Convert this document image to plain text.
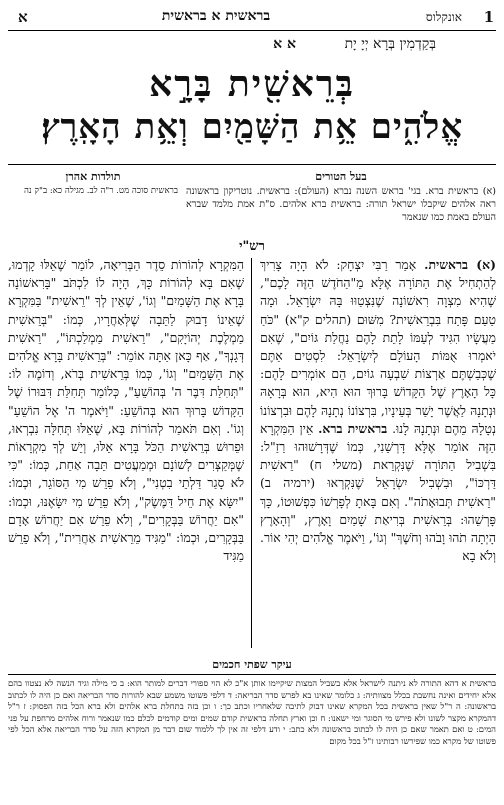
1
אונקלוס
בראשית א בראשית
א
בְּקַדְמִין בְּרָא יְיָ יָת
א א
בְּרֵאשִׁ֖ית בָּרָ֣א
אֱלֹהִ֑ים אֵ֥ת הַשָּׁמַ֖יִם וְאֵ֥ת הָאָֽרֶץ׃
בעל הטורים
(א) בראשית ברא. בגי' בראש השנה נברא (העולם): בראשית. נוטריקון בראשונה ראה אלהים שיקבלו ישראל תורה: בראשית ברא אלהים. ס"ת אמת מלמד שברא העולם באמת כמו שנאמר
תולדות אהרן
בראשית סוכה מט. ר"ה לב. מגילה כא: ב"ק נה
רש"י
(א) בראשית. אָמַר רַבִּי יִצְחָק: לֹא הָיָה צָרִיךְ לְהַתְחִיל אֶת הַתּוֹרָה אֶלָּא מֵ"הַחֹדֶשׁ הַזֶּה לָכֶם", שֶׁהִיא מִצְוָה רִאשׁוֹנָה שֶׁנִּצְטַוּוּ בָּהּ יִשְׂרָאֵל. וּמָה טַעַם פָּתַח בִּבְרֵאשִׁית? מִשּׁוּם (תהלים ק"א) "כֹּחַ מַעֲשָׂיו הִגִּיד לְעַמּוֹ לָתֵת לָהֶם נַחֲלַת גּוֹיִם", שֶׁאִם יֹאמְרוּ אֻמּוֹת הָעוֹלָם לְיִשְׂרָאֵל: לִסְטִים אַתֶּם שֶׁכְּבַשְׁתֶּם אַרְצוֹת שִׁבְעָה גוֹיִם, הֵם אוֹמְרִים לָהֶם: כָּל הָאָרֶץ שֶׁל הַקָּדוֹשׁ בָּרוּךְ הוּא הִיא, הוּא בְּרָאָהּ וּנְתָנָהּ לַאֲשֶׁר יָשַׁר בְּעֵינָיו, בִּרְצוֹנוֹ נְתָנָהּ לָהֶם וּבִרְצוֹנוֹ נְטָלָהּ מֵהֶם וּנְתָנָהּ לָנוּ. בראשית ברא. אֵין הַמִּקְרָא הַזֶּה אוֹמֵר אֶלָּא דָּרְשֵׁנִי, כְּמוֹ שֶׁדְּרָשׁוּהוּ רַזַ"ל: בִּשְׁבִיל הַתּוֹרָה שֶׁנִּקְרֵאת (משלי ח) "רֵאשִׁית דַּרְכּוֹ", וּבִשְׁבִיל יִשְׂרָאֵל שֶׁנִּקְרְאוּ (ירמיה ב) "רֵאשִׁית תְּבוּאָתֹה". וְאִם בָּאתָ לְפָרְשׁוֹ כִּפְשׁוּטוֹ, כָּךְ פָּרְשֵׁהוּ: בְּרֵאשִׁית בְּרִיאַת שָׁמַיִם וָאָרֶץ, "וְהָאָרֶץ הָיְתָה תֹהוּ וָבֹהוּ וְחֹשֶׁךְ" וְגוֹ', וַיֹּאמֶר אֱלֹהִים יְהִי אוֹר. וְלֹא בָא
הַמִּקְרָא לְהוֹרוֹת סֵדֶר הַבְּרִיאָה, לוֹמַר שֶׁאֵלּוּ קָדְמוּ, שֶׁאִם בָּא לְהוֹרוֹת כָּךְ, הָיָה לוֹ לִכְתֹּב "בָּרִאשׁוֹנָה בָּרָא אֶת הַשָּׁמַיִם" וְגוֹ', שֶׁאֵין לְךָ "רֵאשִׁית" בַּמִּקְרָא שֶׁאֵינוֹ דָבוּק לַתֵּבָה שֶׁלְּאַחֲרָיו, כְּמוֹ: "בְּרֵאשִׁית מַמְלֶכֶת יְהוֹיָקִם", "רֵאשִׁית מַמְלַכְתּוֹ", "רֵאשִׁית דְּגָנְךָ", אַף כָּאן אַתָּה אוֹמֵר: "בְּרֵאשִׁית בָּרָא אֱלֹהִים אֶת הַשָּׁמַיִם" וְגוֹ', כְּמוֹ בְּרֵאשִׁית בְּרֹא, וְדוֹמֶה לוֹ: "תְּחִלַּת דִּבֶּר ה' בְּהוֹשֵׁעַ", כְּלוֹמַר תְּחִלַּת דִּבּוּרוֹ שֶׁל הַקָּדוֹשׁ בָּרוּךְ הוּא בְּהוֹשֵׁעַ: "וַיֹּאמֶר ה' אֶל הוֹשֵׁעַ" וְגוֹ'. וְאִם תֹּאמַר לְהוֹרוֹת בָּא, שֶׁאֵלּוּ תְּחִלָּה נִבְרְאוּ, וּפֵרוּשׁ בְּרֵאשִׁית הַכֹּל בָּרָא אֵלּוּ, וְיֵשׁ לְךָ מִקְרָאוֹת שֶׁמְּקַצְּרִים לְשׁוֹנָם וּמְמַעֲטִים תֵּבָה אַחַת, כְּמוֹ: "כִּי לֹא סָגַר דַּלְתֵי בִטְנִי", וְלֹא פֵרֵשׁ מִי הַסּוֹגֵר, וּכְמוֹ: "יִשָּׂא אֶת חֵיל דַּמֶּשֶׂק", וְלֹא פֵרֵשׁ מִי יִשָּׂאֶנּוּ, וּכְמוֹ: "אִם יַחֲרוֹשׁ בַּבְּקָרִים", וְלֹא פֵרֵשׁ אִם יַחֲרוֹשׁ אָדָם בַּבְּקָרִים, וּכְמוֹ: "מַגִּיד מֵרֵאשִׁית אַחֲרִית", וְלֹא פֵרֵשׁ מַגִּיד
עיקר שפתי חכמים
בראשית א דהא התורה לא ניתנה לישראל אלא בשביל המצות שיקיימו אותן א"כ לא הוי ספורי דברים למותר הוא: ב כי מילה וגיד הנשה לא נצטוו בהם אלא יחידים ואינה נחשבת בכלל מצוותיה: ג כלומר שאינו בא לפרש סדר הבריאה: ד דלפי פשוטו משמע שבא להורות סדר הבריאה ואם כן היה לו לכתוב בראשונה: ה ר"ל שאין בראשית בכל המקרא שאינו דבוק לתיבה שלאחריו וכתב כך: ו וכן בזה בתחלת ברא אלהים ולא ברא הכל בזה הפסוק: ז ר"ל דהמקרא מקצר לשונו ולא פירש מי הסוגר ומי ישאנו: ח וכן וארץ תחלה בראשית קודם שמים ומים קודמים לכלם כמו שנאמר ורוח אלהים מרחפת על פני המים: ט ואם תאמר שאם כן היה לו לכתוב בראשונה ולא כתב: י ודע דלפי זה אין לך ללמוד שום דבר מן המקרא הזה על סדר הבריאה אלא הכל לפי פשוטו של מקרא כמו שפירשו רבותינו ז"ל בכל מקום
